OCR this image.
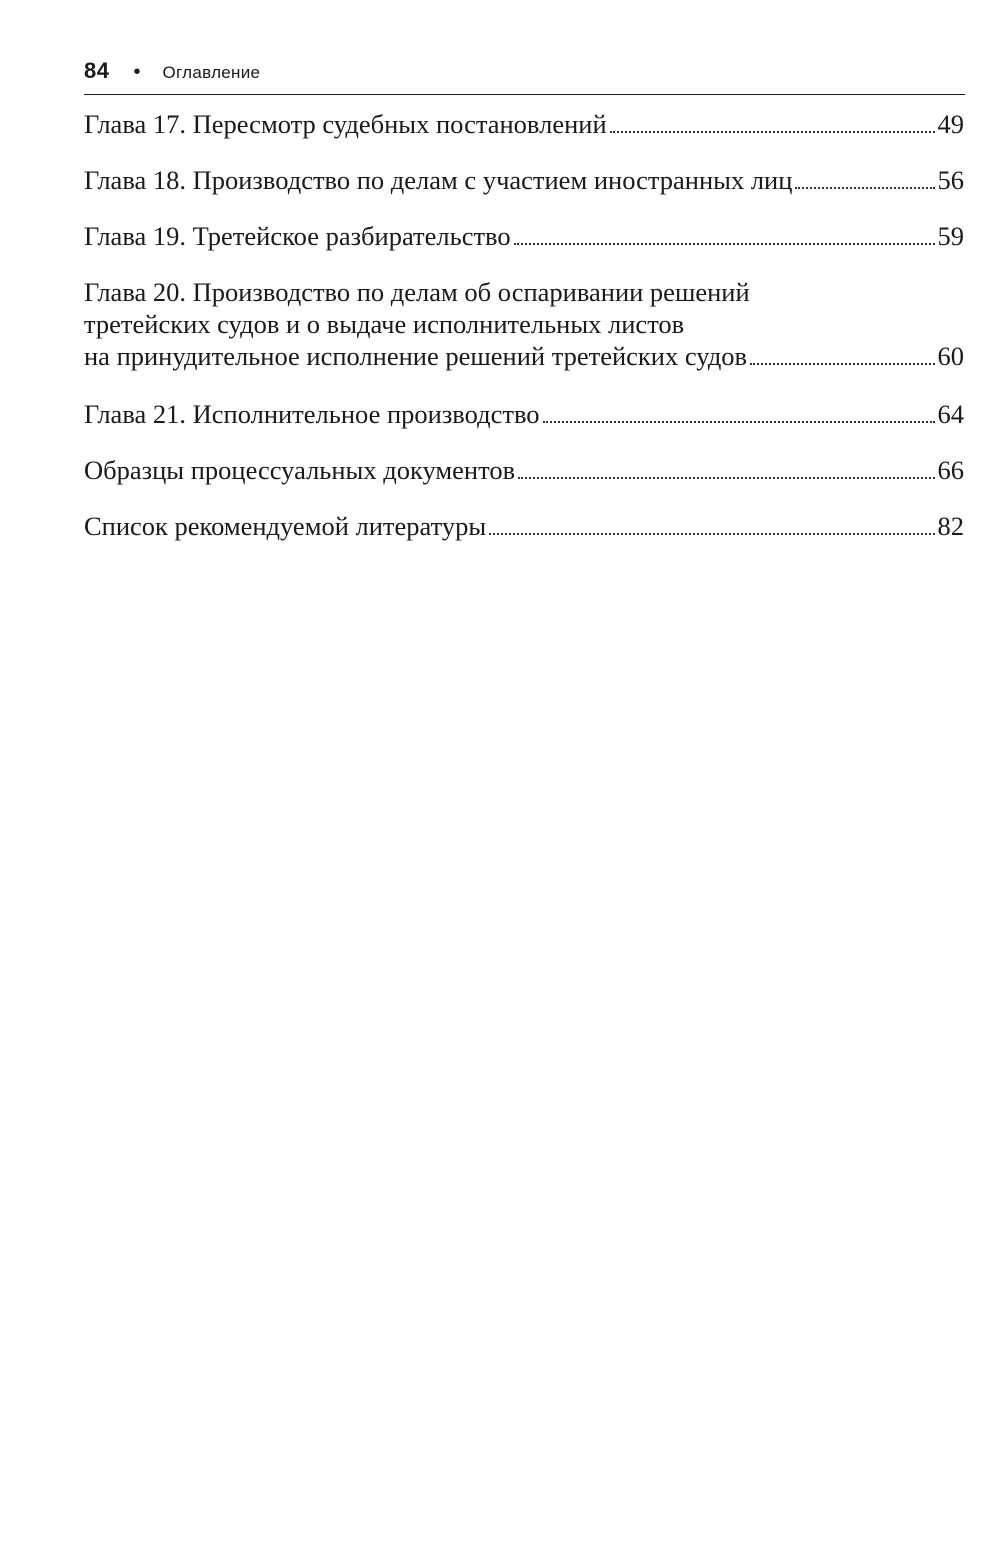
84 • Оглавление
Глава 17. Пересмотр судебных постановлений	49
Глава 18. Производство по делам с участием иностранных лиц	56
Глава 19. Третейское разбирательство	59
Глава 20. Производство по делам об оспаривании решений
третейских судов и о выдаче исполнительных листов
на принудительное исполнение решений третейских судов	60
Глава 21. Исполнительное производство	64
Образцы процессуальных документов	66
Список рекомендуемой литературы	82
